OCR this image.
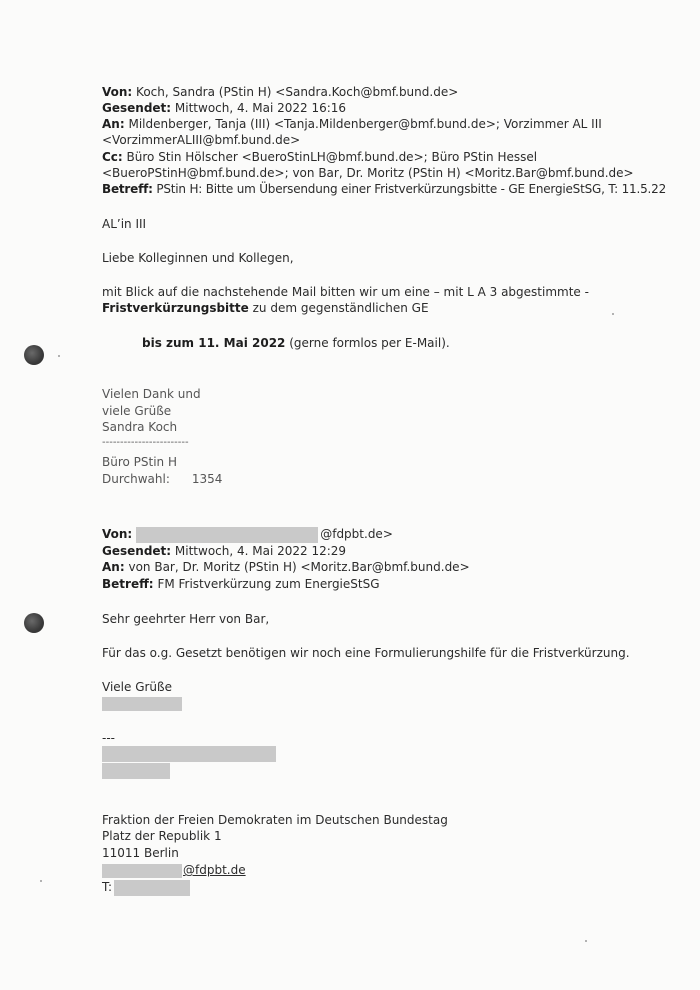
Von: Koch, Sandra (PStin H) <Sandra.Koch@bmf.bund.de>
Gesendet: Mittwoch, 4. Mai 2022 16:16
An: Mildenberger, Tanja (III) <Tanja.Mildenberger@bmf.bund.de>; Vorzimmer AL III
<VorzimmerALIII@bmf.bund.de>
Cc: Büro Stin Hölscher <BueroStinLH@bmf.bund.de>; Büro PStin Hessel
<BueroPStinH@bmf.bund.de>; von Bar, Dr. Moritz (PStin H) <Moritz.Bar@bmf.bund.de>
Betreff: PStin H: Bitte um Übersendung einer Fristverkürzungsbitte - GE EnergieStSG, T: 11.5.22
AL’in III
Liebe Kolleginnen und Kollegen,
mit Blick auf die nachstehende Mail bitten wir um eine – mit L A 3 abgestimmte -
Fristverkürzungsbitte zu dem gegenständlichen GE
bis zum 11. Mai 2022 (gerne formlos per E-Mail).
Vielen Dank und
viele Grüße
Sandra Koch
------------------------
Büro PStin H
Durchwahl: 1354
Von:	@fdpbt.de>
Gesendet: Mittwoch, 4. Mai 2022 12:29
An: von Bar, Dr. Moritz (PStin H) <Moritz.Bar@bmf.bund.de>
Betreff: FM Fristverkürzung zum EnergieStSG
Sehr geehrter Herr von Bar,
Für das o.g. Gesetzt benötigen wir noch eine Formulierungshilfe für die Fristverkürzung.
Viele Grüße
---
Fraktion der Freien Demokraten im Deutschen Bundestag
Platz der Republik 1
11011 Berlin
@fdpbt.de
T:
